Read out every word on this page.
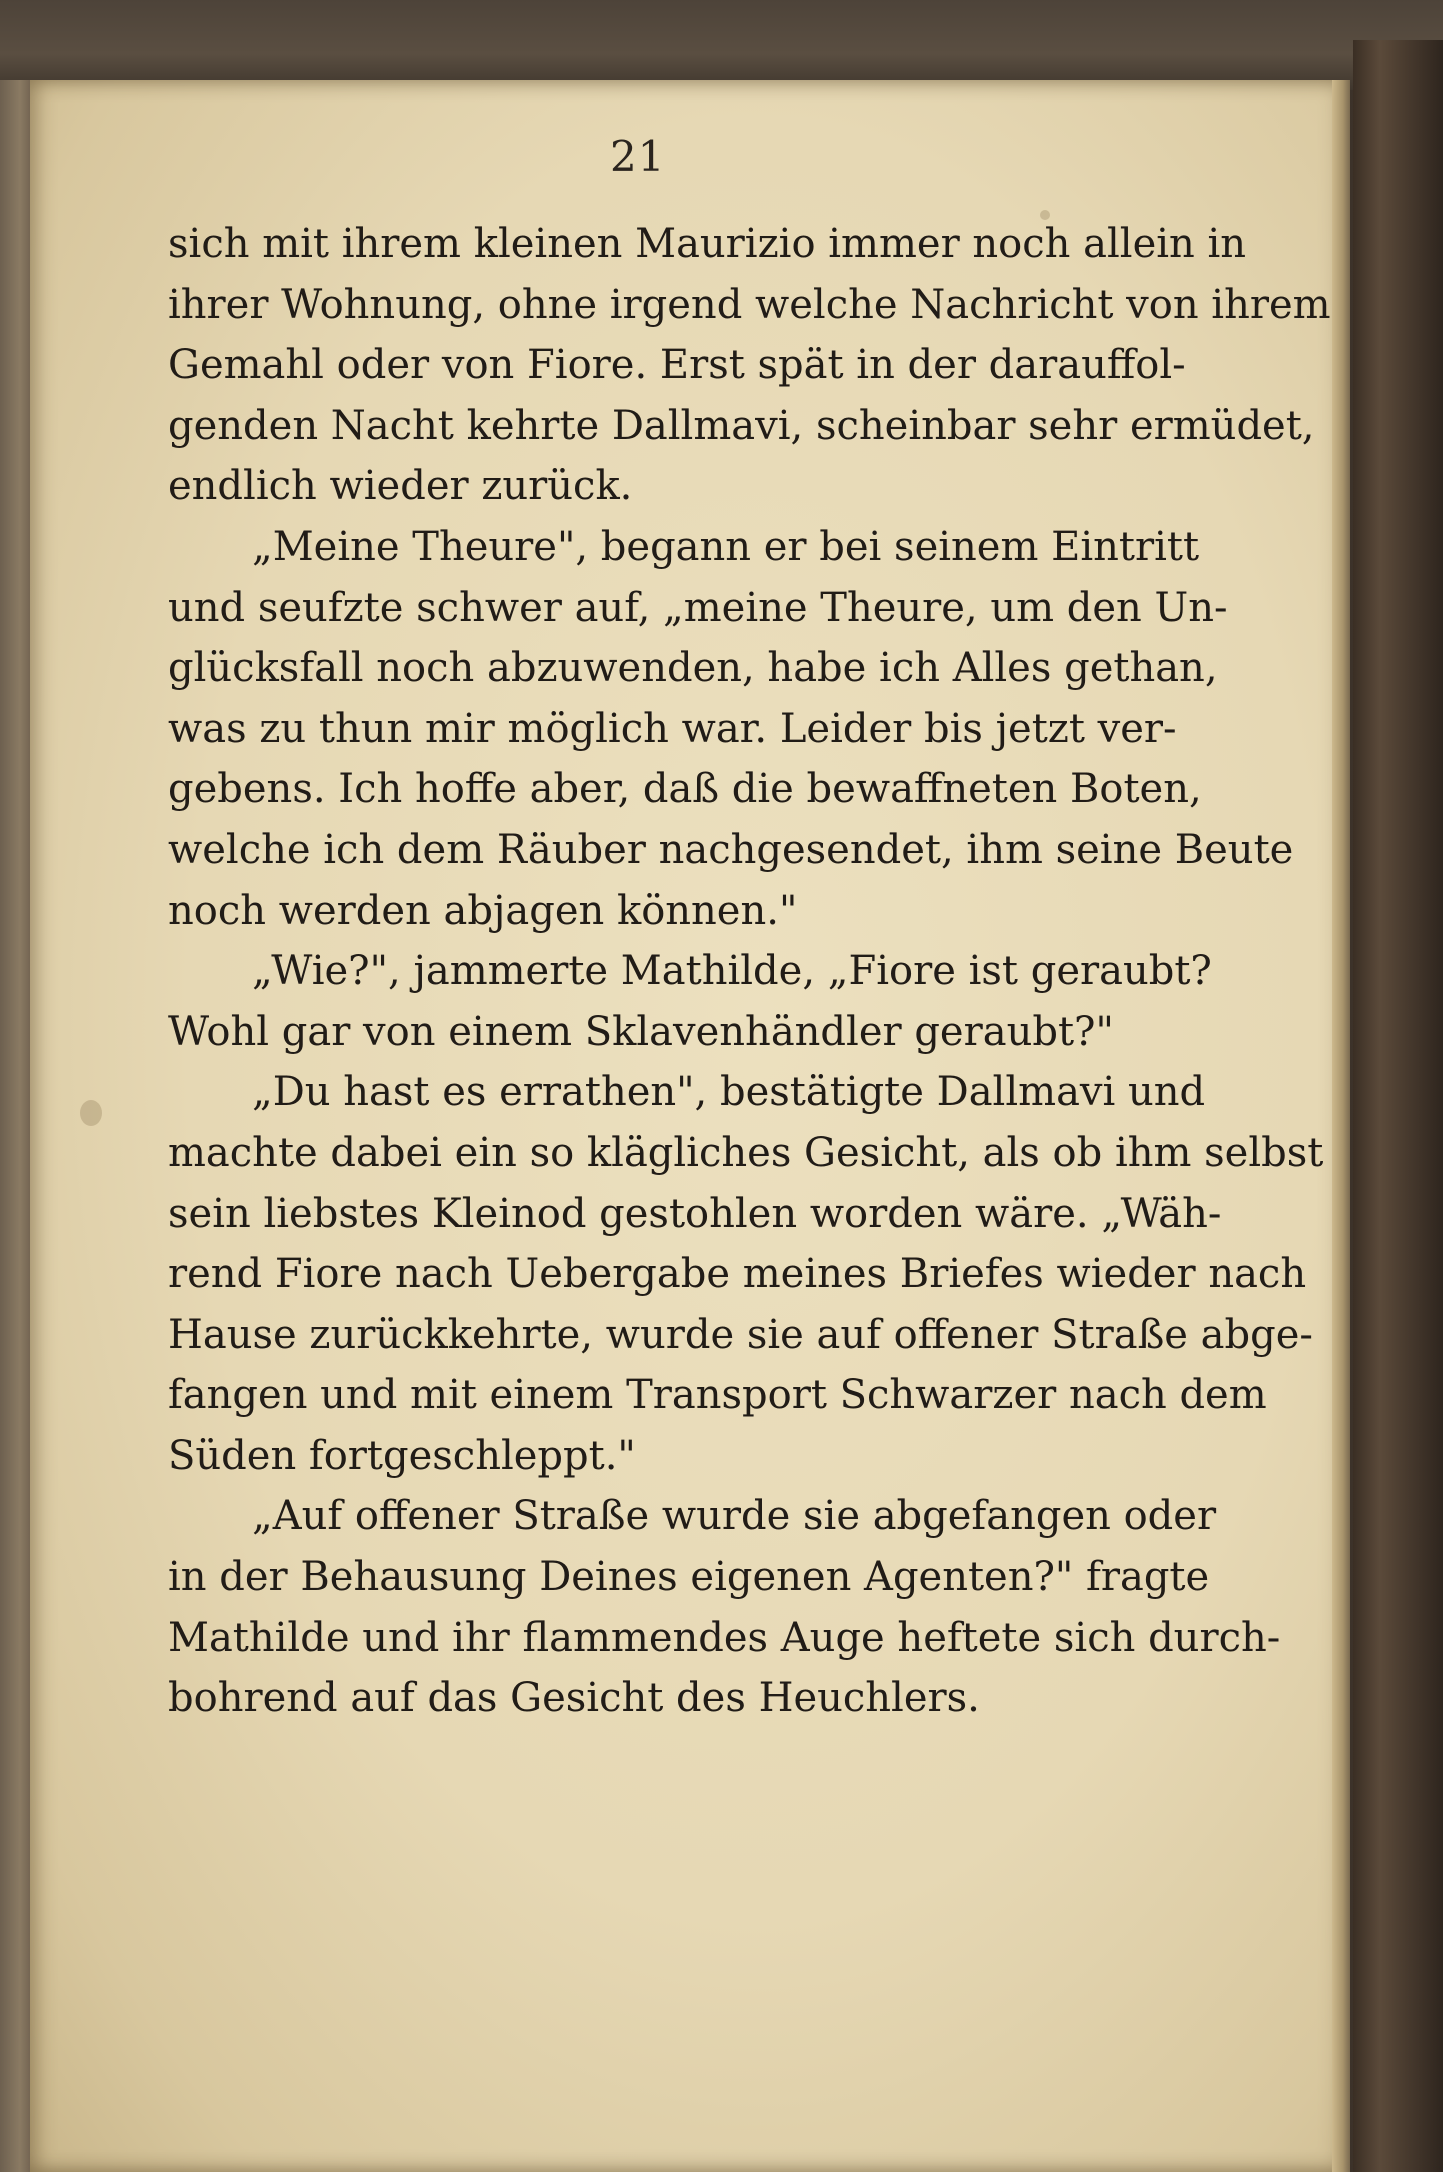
21
sich mit ihrem kleinen Maurizio immer noch allein in
ihrer Wohnung, ohne irgend welche Nachricht von ihrem
Gemahl oder von Fiore. Erst spät in der darauffol-
genden Nacht kehrte Dallmavi, scheinbar sehr ermüdet,
endlich wieder zurück.
„Meine Theure", begann er bei seinem Eintritt
und seufzte schwer auf, „meine Theure, um den Un-
glücksfall noch abzuwenden, habe ich Alles gethan,
was zu thun mir möglich war. Leider bis jetzt ver-
gebens. Ich hoffe aber, daß die bewaffneten Boten,
welche ich dem Räuber nachgesendet, ihm seine Beute
noch werden abjagen können."
„Wie?", jammerte Mathilde, „Fiore ist geraubt?
Wohl gar von einem Sklavenhändler geraubt?"
„Du hast es errathen", bestätigte Dallmavi und
machte dabei ein so klägliches Gesicht, als ob ihm selbst
sein liebstes Kleinod gestohlen worden wäre. „Wäh-
rend Fiore nach Uebergabe meines Briefes wieder nach
Hause zurückkehrte, wurde sie auf offener Straße abge-
fangen und mit einem Transport Schwarzer nach dem
Süden fortgeschleppt."
„Auf offener Straße wurde sie abgefangen oder
in der Behausung Deines eigenen Agenten?" fragte
Mathilde und ihr flammendes Auge heftete sich durch-
bohrend auf das Gesicht des Heuchlers.
